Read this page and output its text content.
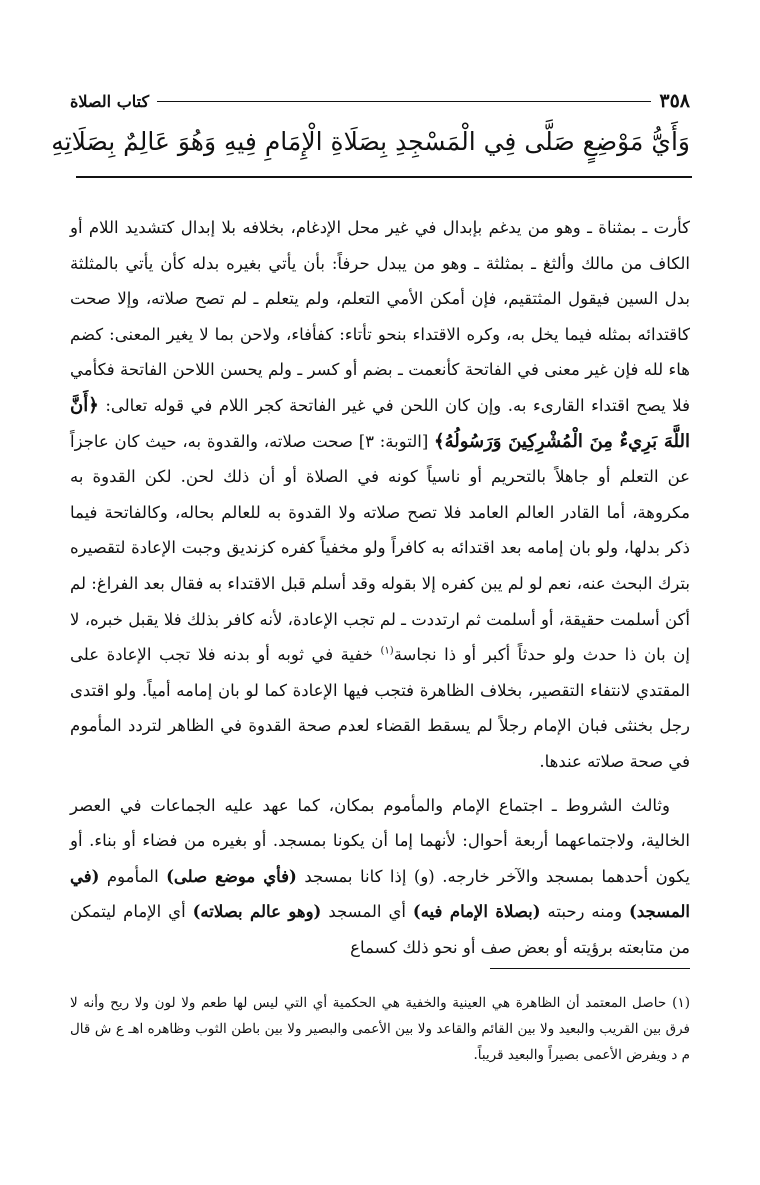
٣٥٨
كتاب الصلاة
وَأَيُّ مَوْضِعٍ صَلَّى فِي الْمَسْجِدِ بِصَلَاةِ الْإِمَامِ فِيهِ وَهُوَ عَالِمٌ بِصَلَاتِهِ

كأرت ـ بمثناة ـ وهو من يدغم بإبدال في غير محل الإدغام، بخلافه بلا إبدال كتشديد اللام أو الكاف من مالك وألثغ ـ بمثلثة ـ وهو من يبدل حرفاً: بأن يأتي بغيره بدله كأن يأتي بالمثلثة بدل السين فيقول المثتقيم، فإن أمكن الأمي التعلم، ولم يتعلم ـ لم تصح صلاته، وإلا صحت كاقتدائه بمثله فيما يخل به، وكره الاقتداء بنحو تأتاء: كفأفاء، ولاحن بما لا يغير المعنى: كضم هاء لله فإن غير معنى في الفاتحة كأنعمت ـ بضم أو كسر ـ ولم يحسن اللاحن الفاتحة فكأمي فلا يصح اقتداء القارىء به. وإن كان اللحن في غير الفاتحة كجر اللام في قوله تعالى: ﴿أَنَّ اللَّهَ بَرِيءٌ مِنَ الْمُشْرِكِينَ وَرَسُولُهُ﴾ [التوبة: ٣] صحت صلاته، والقدوة به، حيث كان عاجزاً عن التعلم أو جاهلاً بالتحريم أو ناسياً كونه في الصلاة أو أن ذلك لحن. لكن القدوة به مكروهة، أما القادر العالم العامد فلا تصح صلاته ولا القدوة به للعالم بحاله، وكالفاتحة فيما ذكر بدلها، ولو بان إمامه بعد اقتدائه به كافراً ولو مخفياً كفره كزنديق وجبت الإعادة لتقصيره بترك البحث عنه، نعم لو لم يبن كفره إلا بقوله وقد أسلم قبل الاقتداء به فقال بعد الفراغ: لم أكن أسلمت حقيقة، أو أسلمت ثم ارتددت ـ لم تجب الإعادة، لأنه كافر بذلك فلا يقبل خبره، لا إن بان ذا حدث ولو حدثاً أكبر أو ذا نجاسة$^{(١)}$ خفية في ثوبه أو بدنه فلا تجب الإعادة على المقتدي لانتفاء التقصير، بخلاف الظاهرة فتجب فيها الإعادة كما لو بان إمامه أمياً. ولو اقتدى رجل بخنثى فبان الإمام رجلاً لم يسقط القضاء لعدم صحة القدوة في الظاهر لتردد المأموم في صحة صلاته عندها.

وثالث الشروط ـ اجتماع الإمام والمأموم بمكان، كما عهد عليه الجماعات في العصر الخالية، ولاجتماعهما أربعة أحوال: لأنهما إما أن يكونا بمسجد. أو بغيره من فضاء أو بناء. أو يكون أحدهما بمسجد والآخر خارجه. (و) إذا كانا بمسجد (فأي موضع صلى) المأموم (في المسجد) ومنه رحبته (بصلاة الإمام فيه) أي المسجد (وهو عالم بصلاته) أي الإمام ليتمكن من متابعته برؤيته أو بعض صف أو نحو ذلك كسماع

(١)حاصل المعتمد أن الظاهرة هي العينية والخفية هي الحكمية أي التي ليس لها طعم ولا لون ولا ريح وأنه لا فرق بين القريب والبعيد ولا بين القائم والقاعد ولا بين الأعمى والبصير ولا بين باطن الثوب وظاهره اهـ ع ش قال م د ويفرض الأعمى بصيراً والبعيد قريباً.
